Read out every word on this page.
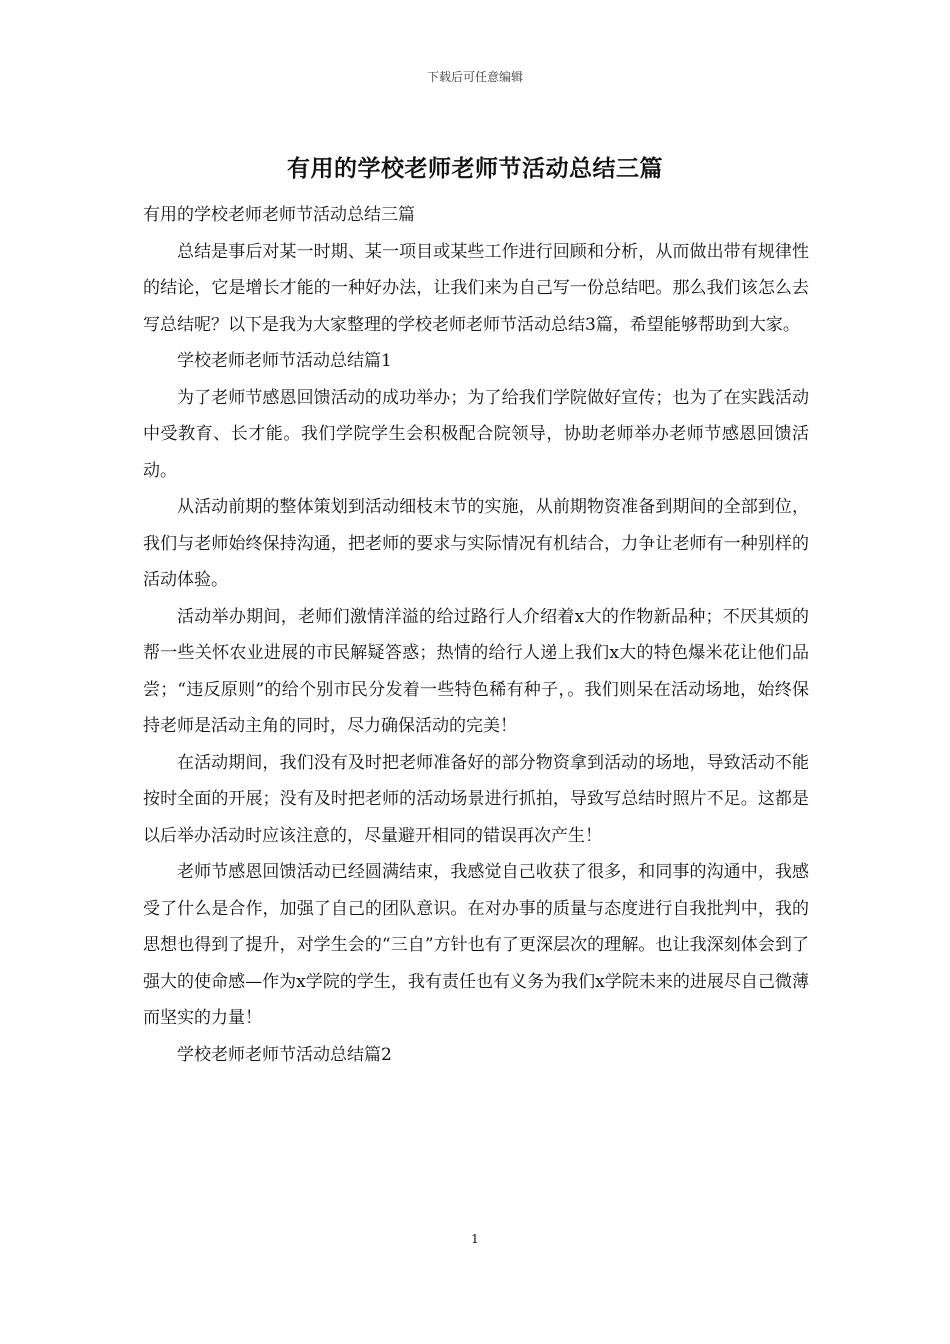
下载后可任意编辑
有用的学校老师老师节活动总结三篇

有用的学校老师老师节活动总结三篇

总结是事后对某一时期、某一项目或某些工作进行回顾和分析，从而做出带有规律性的结论，它是增长才能的一种好办法，让我们来为自己写一份总结吧。那么我们该怎么去写总结呢？以下是我为大家整理的学校老师老师节活动总结3篇，希望能够帮助到大家。

学校老师老师节活动总结篇1

为了老师节感恩回馈活动的成功举办；为了给我们学院做好宣传；也为了在实践活动中受教育、长才能。我们学院学生会积极配合院领导，协助老师举办老师节感恩回馈活动。

从活动前期的整体策划到活动细枝末节的实施，从前期物资准备到期间的全部到位，我们与老师始终保持沟通，把老师的要求与实际情况有机结合，力争让老师有一种别样的活动体验。

活动举办期间，老师们激情洋溢的给过路行人介绍着x大的作物新品种；不厌其烦的帮一些关怀农业进展的市民解疑答惑；热情的给行人递上我们x大的特色爆米花让他们品尝；“违反原则”的给个别市民分发着一些特色稀有种子，。我们则呆在活动场地，始终保持老师是活动主角的同时，尽力确保活动的完美！

在活动期间，我们没有及时把老师准备好的部分物资拿到活动的场地，导致活动不能按时全面的开展；没有及时把老师的活动场景进行抓拍，导致写总结时照片不足。这都是以后举办活动时应该注意的，尽量避开相同的错误再次产生！

老师节感恩回馈活动已经圆满结束，我感觉自己收获了很多，和同事的沟通中，我感受了什么是合作，加强了自己的团队意识。在对办事的质量与态度进行自我批判中，我的思想也得到了提升，对学生会的“三自”方针也有了更深层次的理解。也让我深刻体会到了强大的使命感—作为x学院的学生，我有责任也有义务为我们x学院未来的进展尽自己微薄而坚实的力量！

学校老师老师节活动总结篇2

1
